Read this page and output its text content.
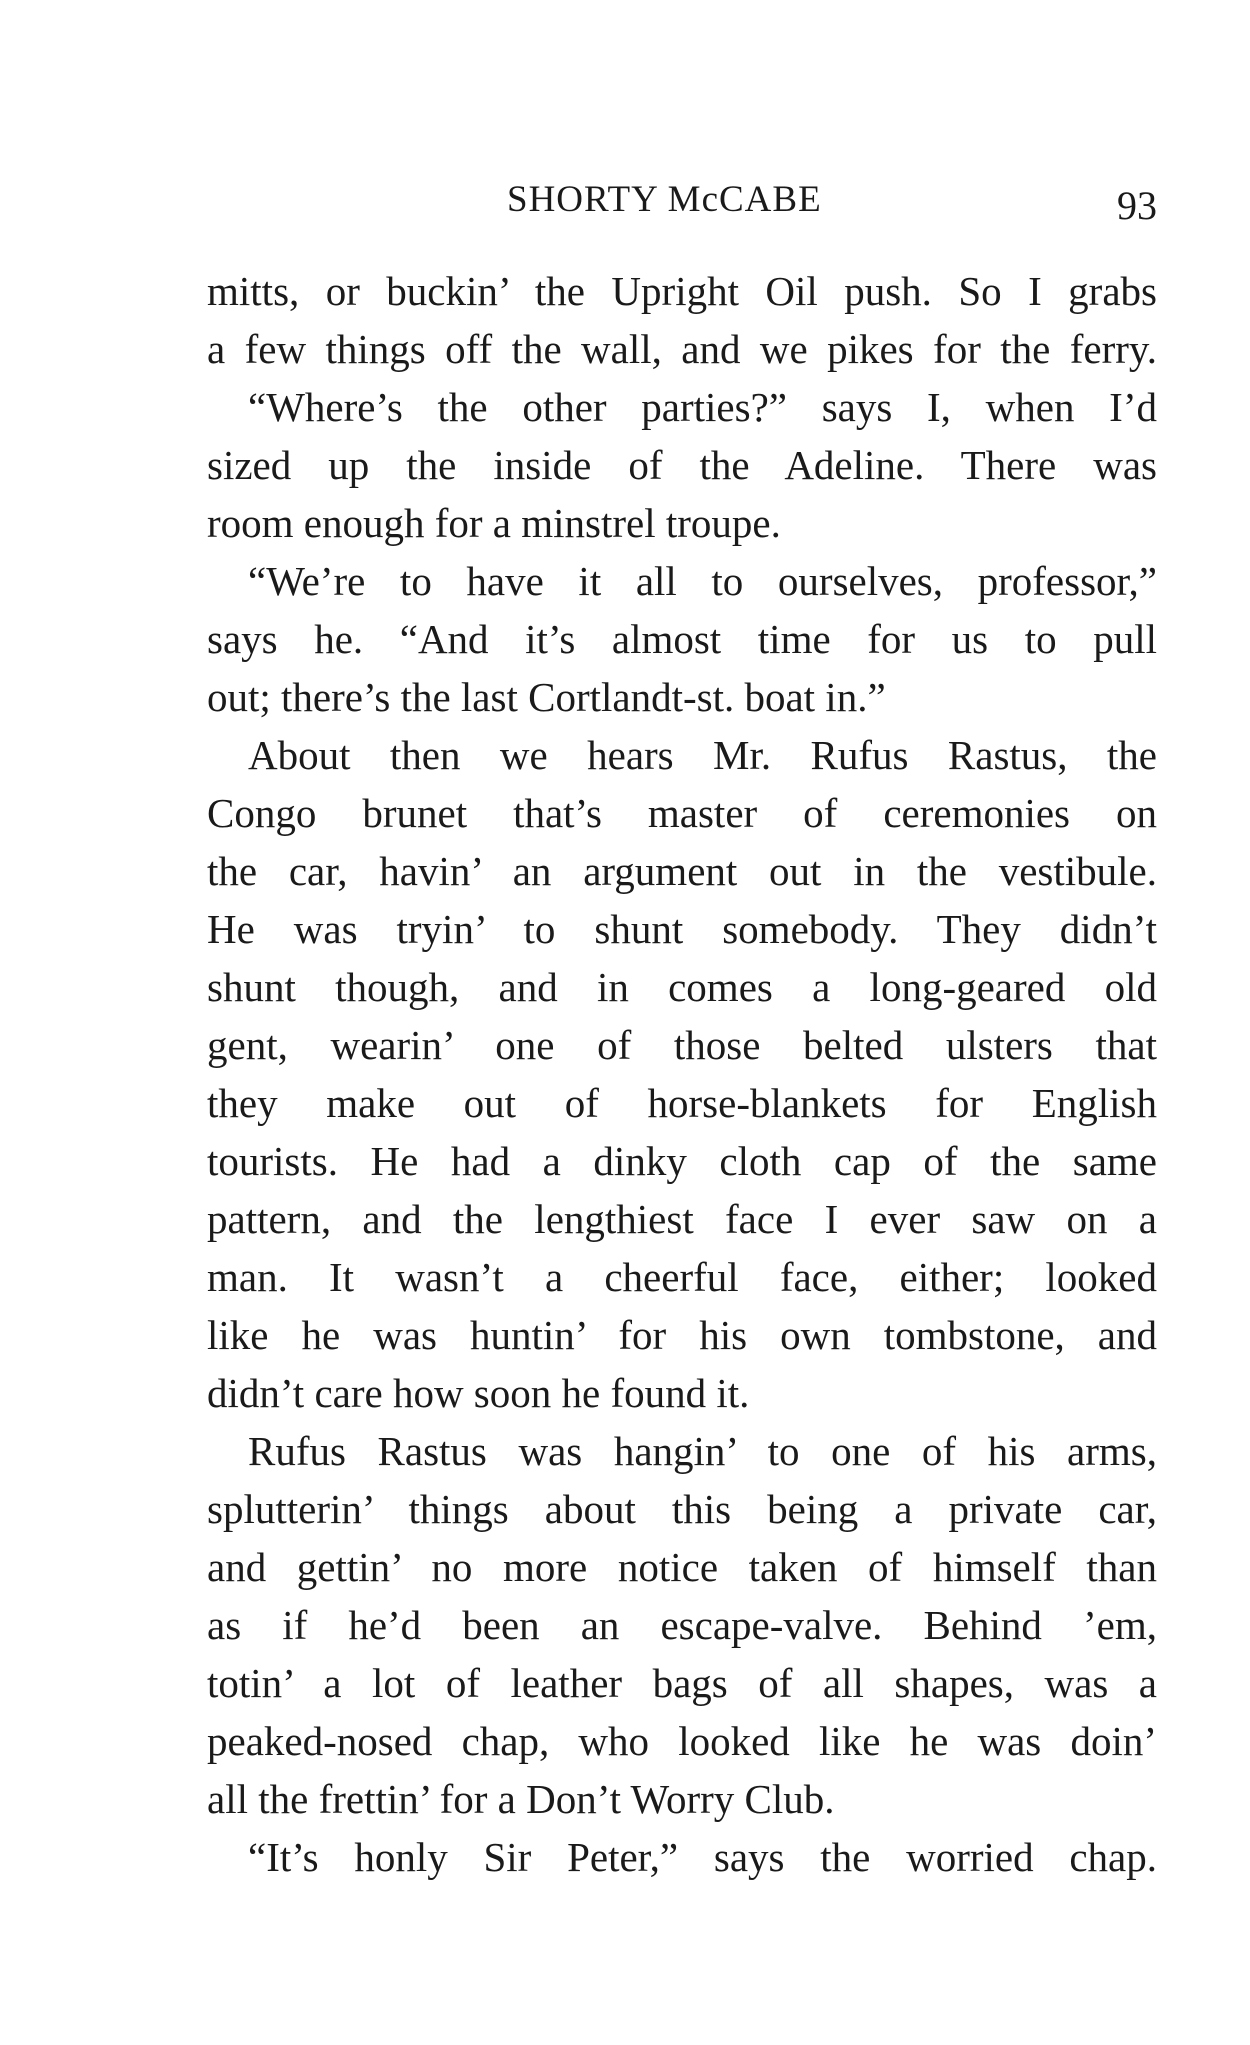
SHORTY McCABE	93
mitts, or buckin’ the Upright Oil push. So I grabs
a few things off the wall, and we pikes for the ferry.
“Where’s the other parties?” says I, when I’d
sized up the inside of the Adeline. There was
room enough for a minstrel troupe.
“We’re to have it all to ourselves, professor,”
says he. “And it’s almost time for us to pull
out; there’s the last Cortlandt-st. boat in.”
About then we hears Mr. Rufus Rastus, the
Congo brunet that’s master of ceremonies on
the car, havin’ an argument out in the vestibule.
He was tryin’ to shunt somebody. They didn’t
shunt though, and in comes a long-geared old
gent, wearin’ one of those belted ulsters that
they make out of horse-blankets for English
tourists. He had a dinky cloth cap of the same
pattern, and the lengthiest face I ever saw on a
man. It wasn’t a cheerful face, either; looked
like he was huntin’ for his own tombstone, and
didn’t care how soon he found it.
Rufus Rastus was hangin’ to one of his arms,
splutterin’ things about this being a private car,
and gettin’ no more notice taken of himself than
as if he’d been an escape-valve. Behind ’em,
totin’ a lot of leather bags of all shapes, was a
peaked-nosed chap, who looked like he was doin’
all the frettin’ for a Don’t Worry Club.
“It’s honly Sir Peter,” says the worried chap.
